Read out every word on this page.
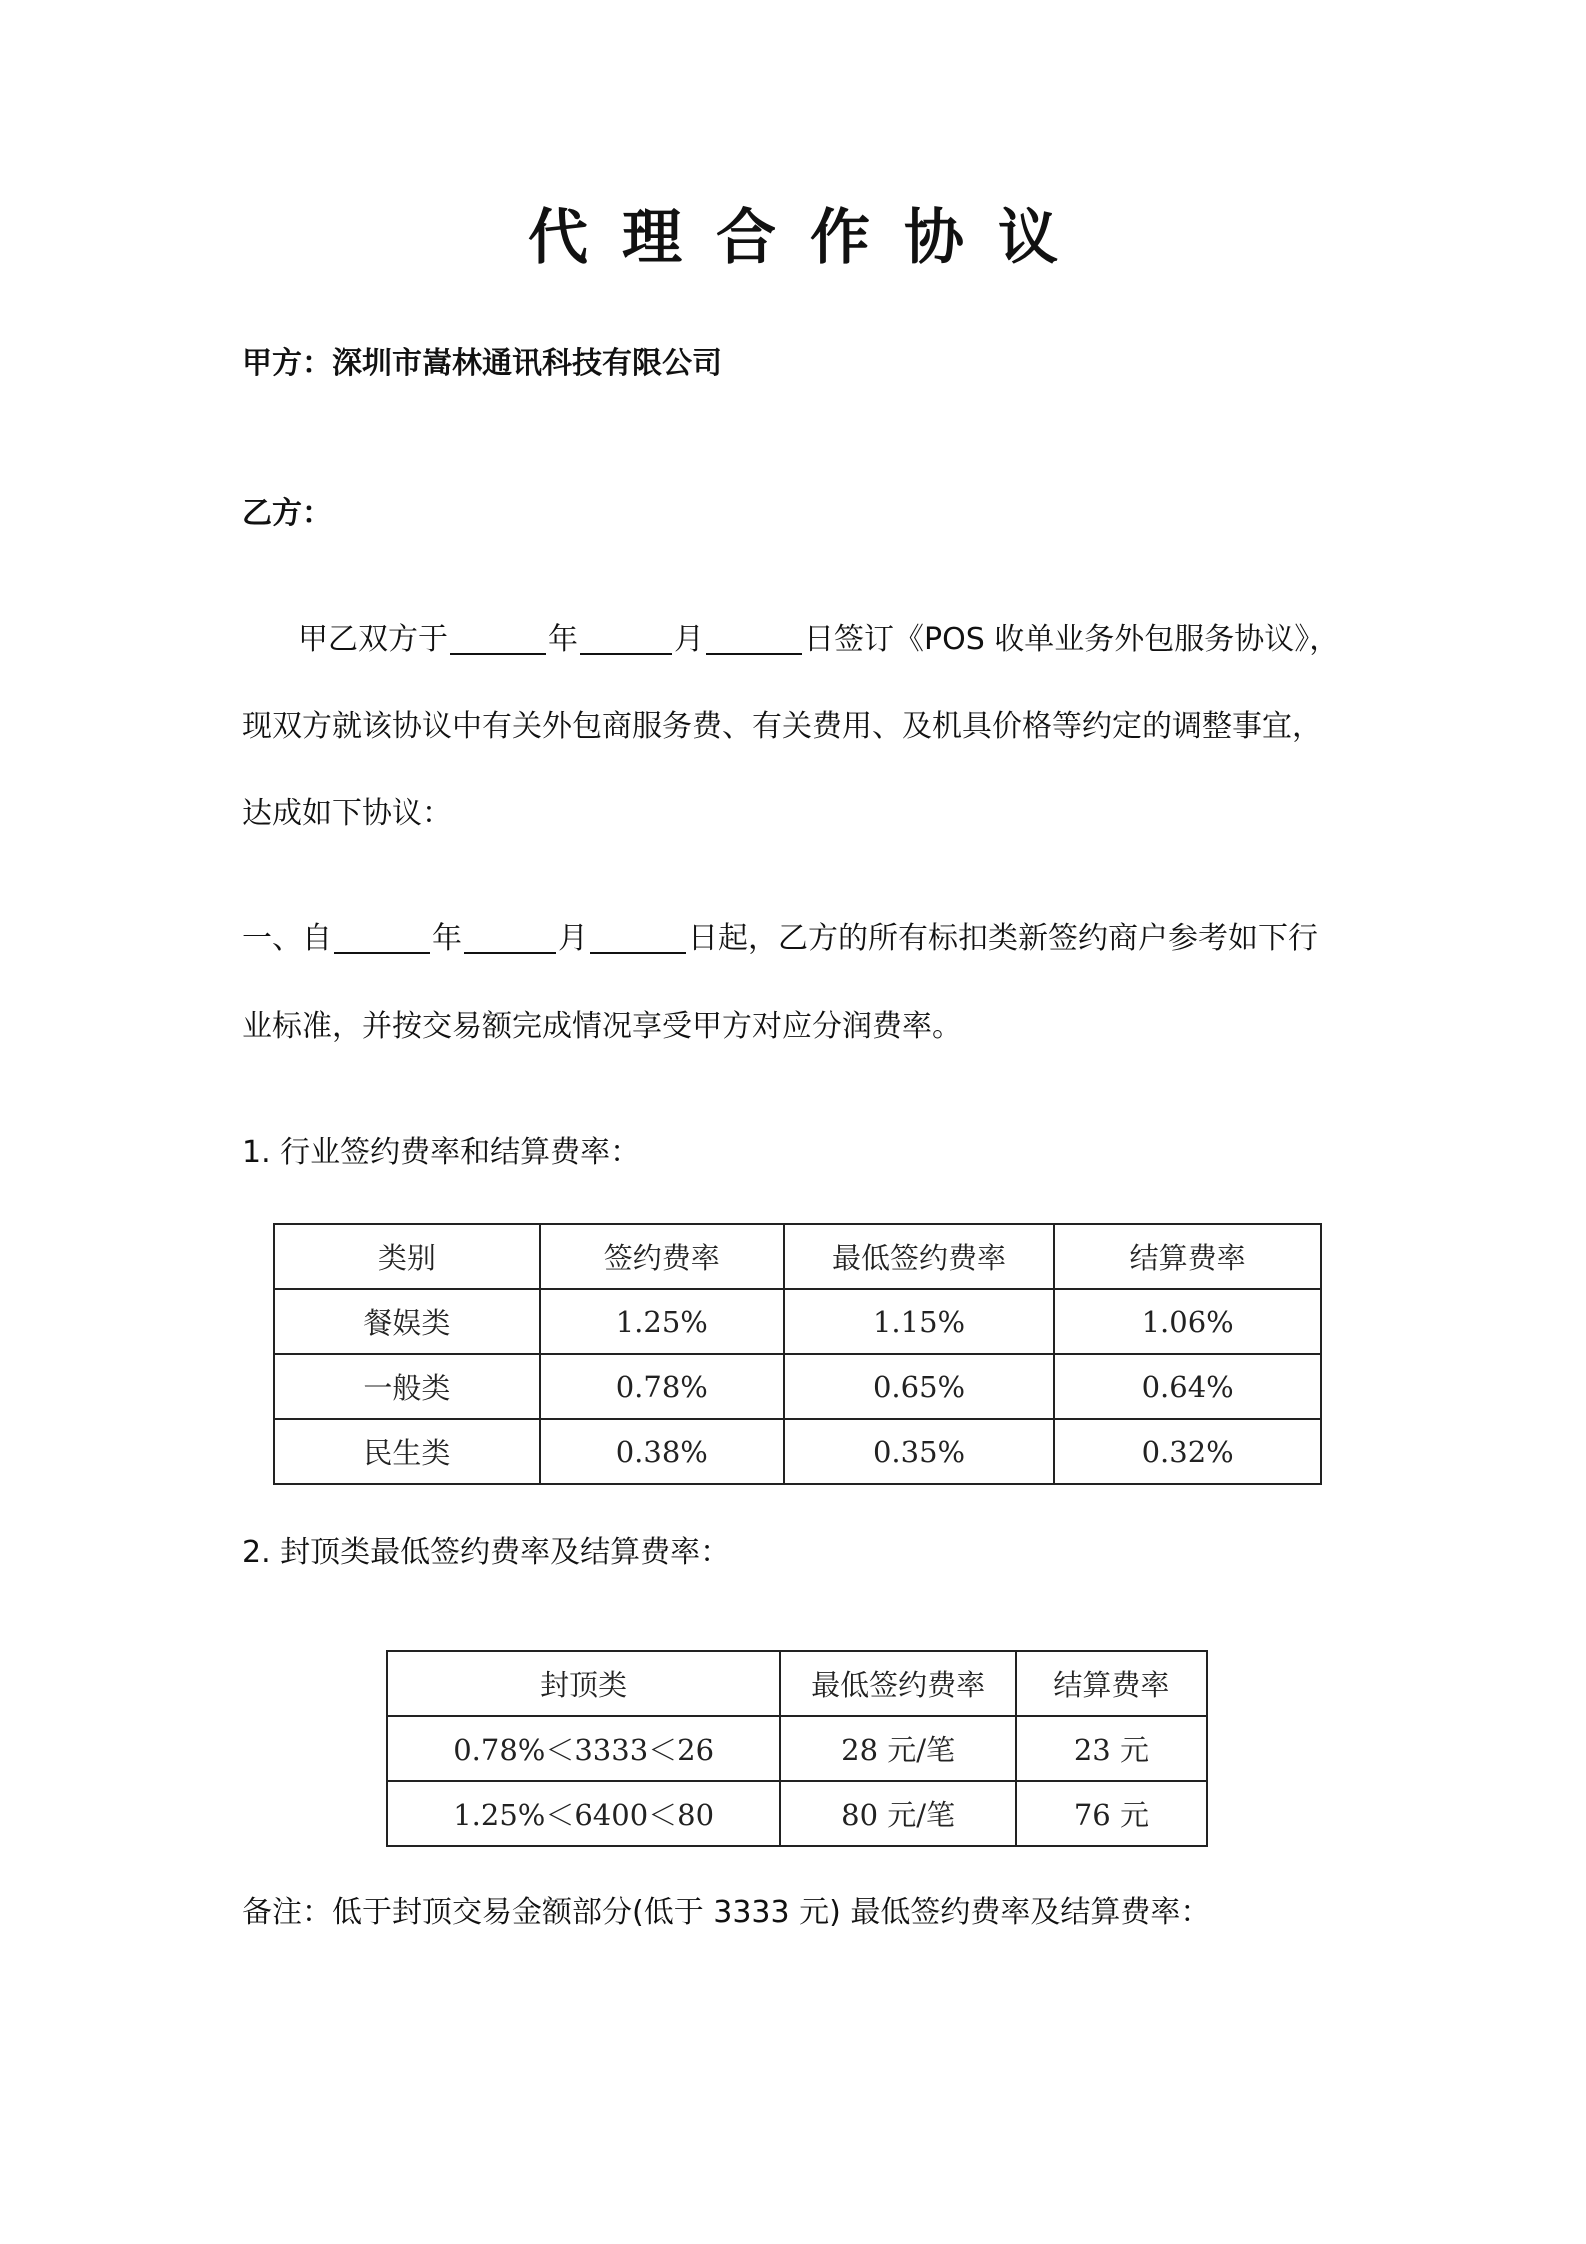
代理合作协议
甲方：深圳市嵩林通讯科技有限公司
乙方：
甲乙双方于	年	月	日签订《POS 收单业务外包服务协议》，
现双方就该协议中有关外包商服务费、有关费用、及机具价格等约定的调整事宜，
达成如下协议：
一、自	年	月	日起，乙方的所有标扣类新签约商户参考如下行
业标准，并按交易额完成情况享受甲方对应分润费率。
1. 行业签约费率和结算费率：
类别	签约费率	最低签约费率	结算费率
餐娱类	1.25%	1.15%	1.06%
一般类	0.78%	0.65%	0.64%
民生类	0.38%	0.35%	0.32%
2. 封顶类最低签约费率及结算费率：
封顶类	最低签约费率	结算费率
0.78%＜3333＜26	28 元/笔	23 元
1.25%＜6400＜80	80 元/笔	76 元
备注：低于封顶交易金额部分(低于 3333 元) 最低签约费率及结算费率：
